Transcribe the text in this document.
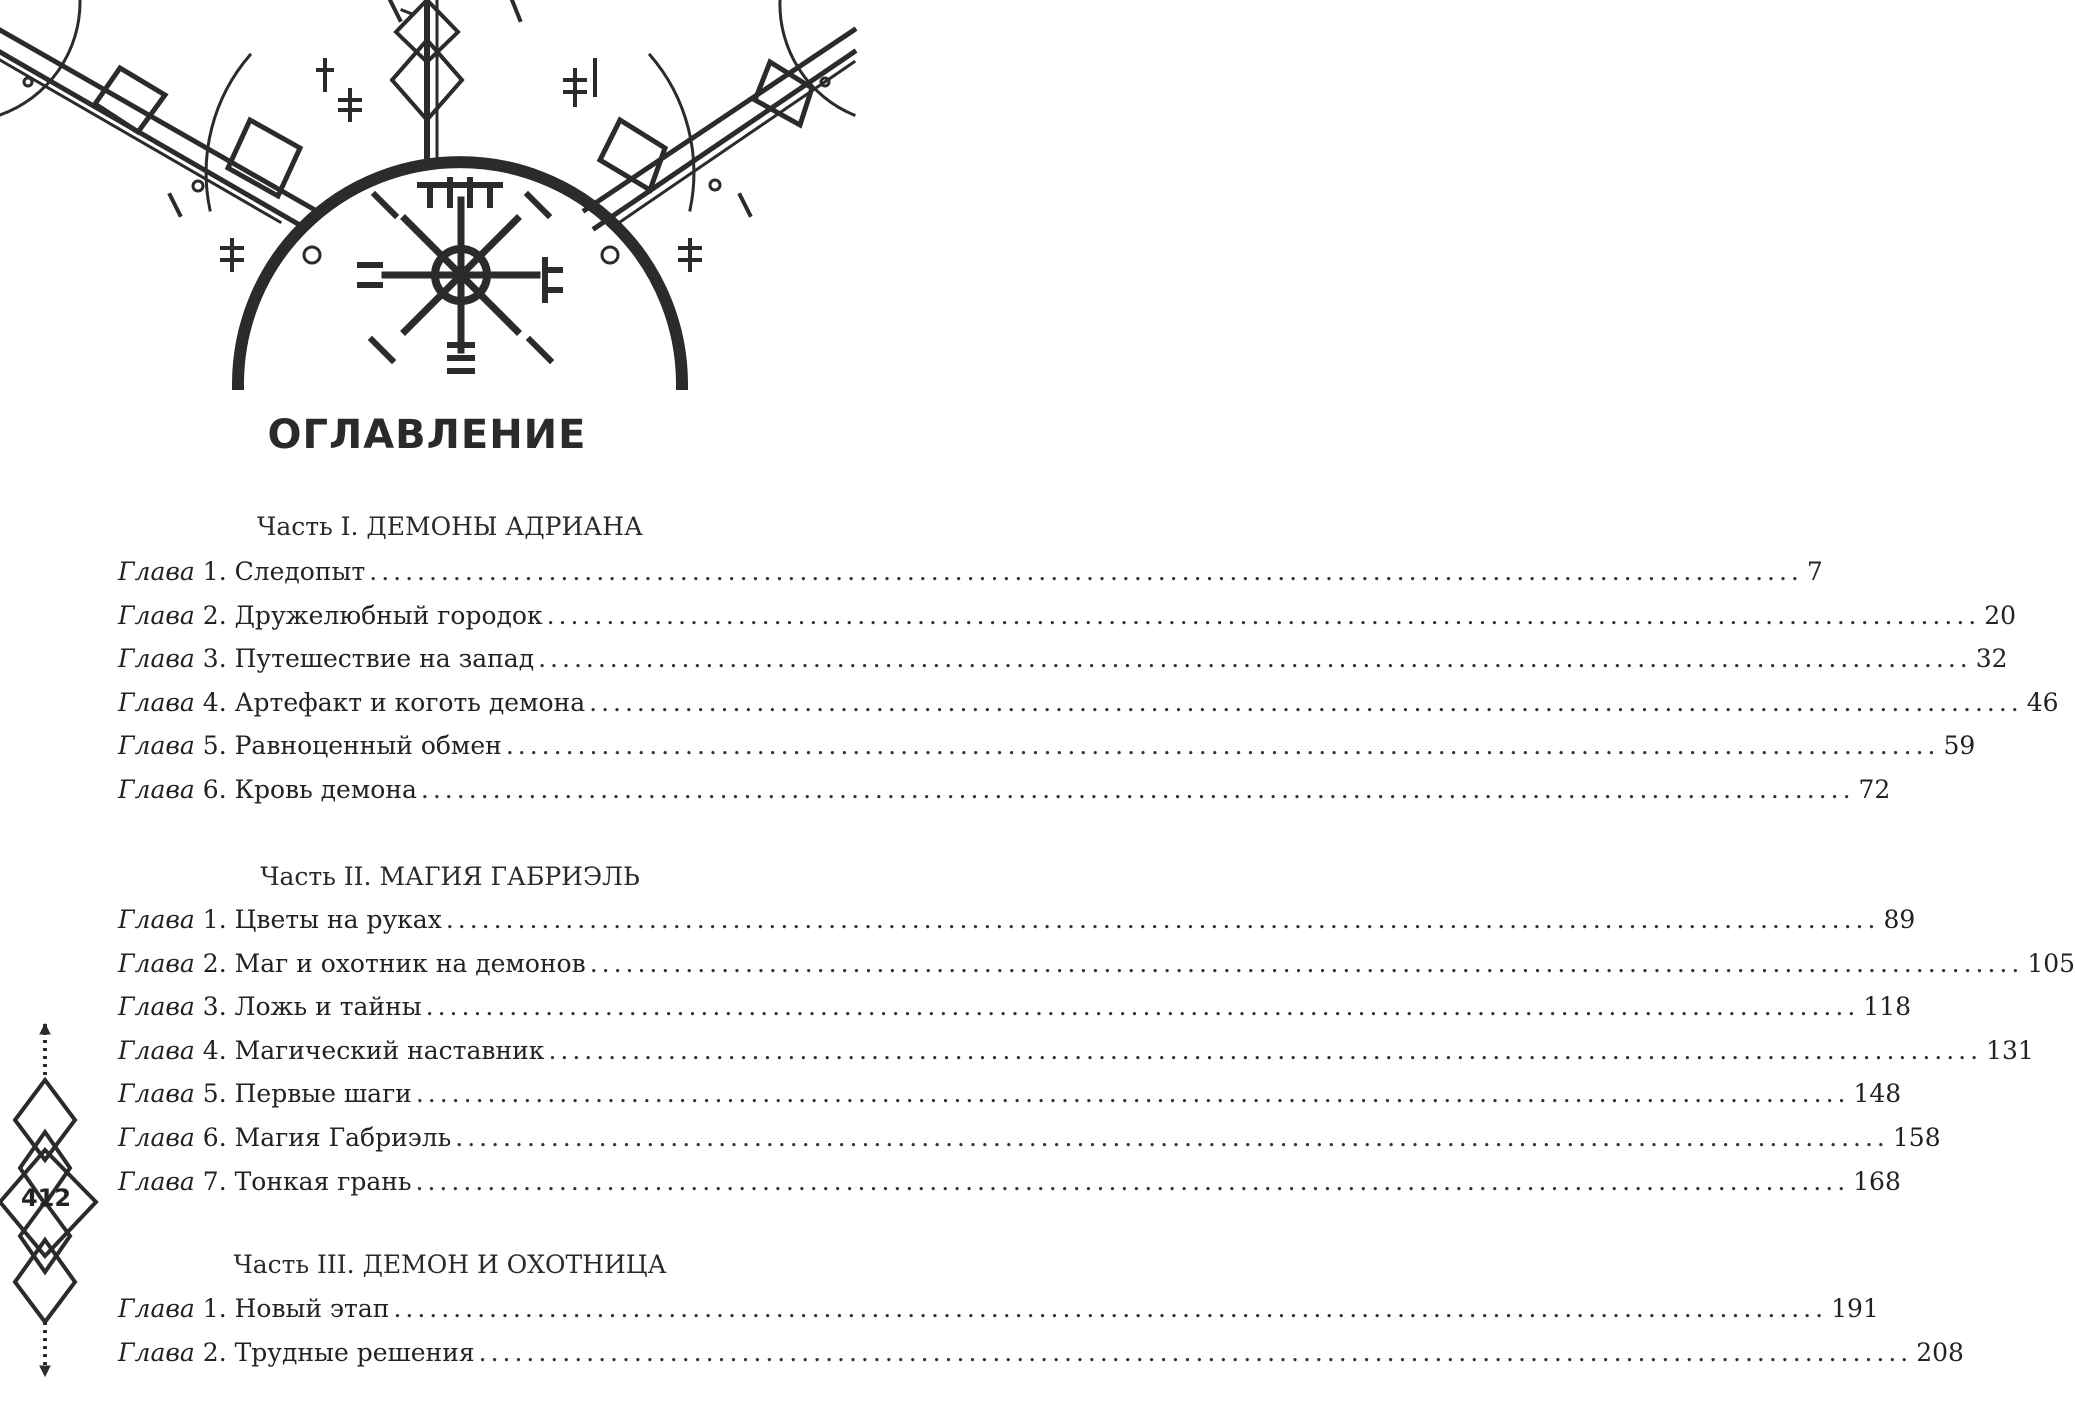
ОГЛАВЛЕНИЕ
Часть I. ДЕМОНЫ АДРИАНА
Глава 1. Следопыт ........................................................................................................................ 7
Глава 2. Дружелюбный городок ........................................................................................................................ 20
Глава 3. Путешествие на запад ........................................................................................................................ 32
Глава 4. Артефакт и коготь демона ........................................................................................................................ 46
Глава 5. Равноценный обмен ........................................................................................................................ 59
Глава 6. Кровь демона ........................................................................................................................ 72
Часть II. МАГИЯ ГАБРИЭЛЬ
Глава 1. Цветы на руках ........................................................................................................................ 89
Глава 2. Маг и охотник на демонов ........................................................................................................................ 105
Глава 3. Ложь и тайны ........................................................................................................................ 118
Глава 4. Магический наставник ........................................................................................................................ 131
Глава 5. Первые шаги ........................................................................................................................ 148
Глава 6. Магия Габриэль ........................................................................................................................ 158
Глава 7. Тонкая грань ........................................................................................................................ 168
Часть III. ДЕМОН И ОХОТНИЦА
Глава 1. Новый этап ........................................................................................................................ 191
Глава 2. Трудные решения ........................................................................................................................ 208
412
